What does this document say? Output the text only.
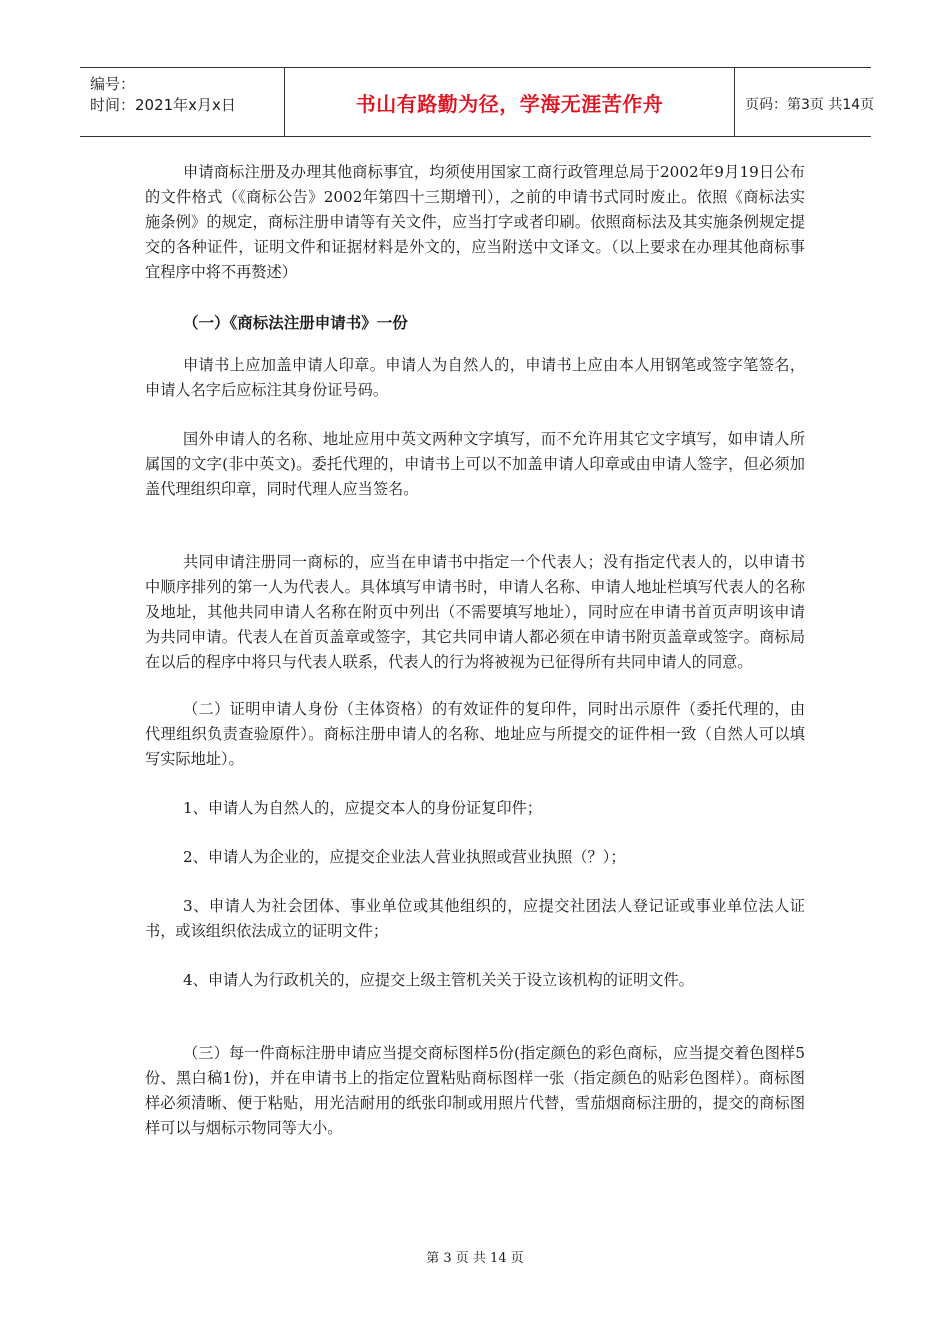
编号：
时间：2021年x月x日	书山有路勤为径，学海无涯苦作舟	页码：第3页 共14页

申请商标注册及办理其他商标事宜，均须使用国家工商行政管理总局于2002年9月19日公布的文件格式（《商标公告》2002年第四十三期增刊），之前的申请书式同时废止。依照《商标法实施条例》的规定，商标注册申请等有关文件，应当打字或者印刷。依照商标法及其实施条例规定提交的各种证件，证明文件和证据材料是外文的，应当附送中文译文。（以上要求在办理其他商标事宜程序中将不再赘述）

（一）《商标法注册申请书》一份

申请书上应加盖申请人印章。申请人为自然人的，申请书上应由本人用钢笔或签字笔签名，申请人名字后应标注其身份证号码。

国外申请人的名称、地址应用中英文两种文字填写，而不允许用其它文字填写，如申请人所属国的文字(非中英文)。委托代理的，申请书上可以不加盖申请人印章或由申请人签字，但必须加盖代理组织印章，同时代理人应当签名。

共同申请注册同一商标的，应当在申请书中指定一个代表人；没有指定代表人的，以申请书中顺序排列的第一人为代表人。具体填写申请书时，申请人名称、申请人地址栏填写代表人的名称及地址，其他共同申请人名称在附页中列出（不需要填写地址），同时应在申请书首页声明该申请为共同申请。代表人在首页盖章或签字，其它共同申请人都必须在申请书附页盖章或签字。商标局在以后的程序中将只与代表人联系，代表人的行为将被视为已征得所有共同申请人的同意。

（二）证明申请人身份（主体资格）的有效证件的复印件，同时出示原件（委托代理的，由代理组织负责查验原件）。商标注册申请人的名称、地址应与所提交的证件相一致（自然人可以填写实际地址）。

1、申请人为自然人的，应提交本人的身份证复印件；

2、申请人为企业的，应提交企业法人营业执照或营业执照（？）；

3、申请人为社会团体、事业单位或其他组织的，应提交社团法人登记证或事业单位法人证书，或该组织依法成立的证明文件；

4、申请人为行政机关的，应提交上级主管机关关于设立该机构的证明文件。

（三）每一件商标注册申请应当提交商标图样5份(指定颜色的彩色商标，应当提交着色图样5份、黑白稿1份)，并在申请书上的指定位置粘贴商标图样一张（指定颜色的贴彩色图样）。商标图样必须清晰、便于粘贴，用光洁耐用的纸张印制或用照片代替，雪茄烟商标注册的，提交的商标图样可以与烟标示物同等大小。

第 3 页 共 14 页
